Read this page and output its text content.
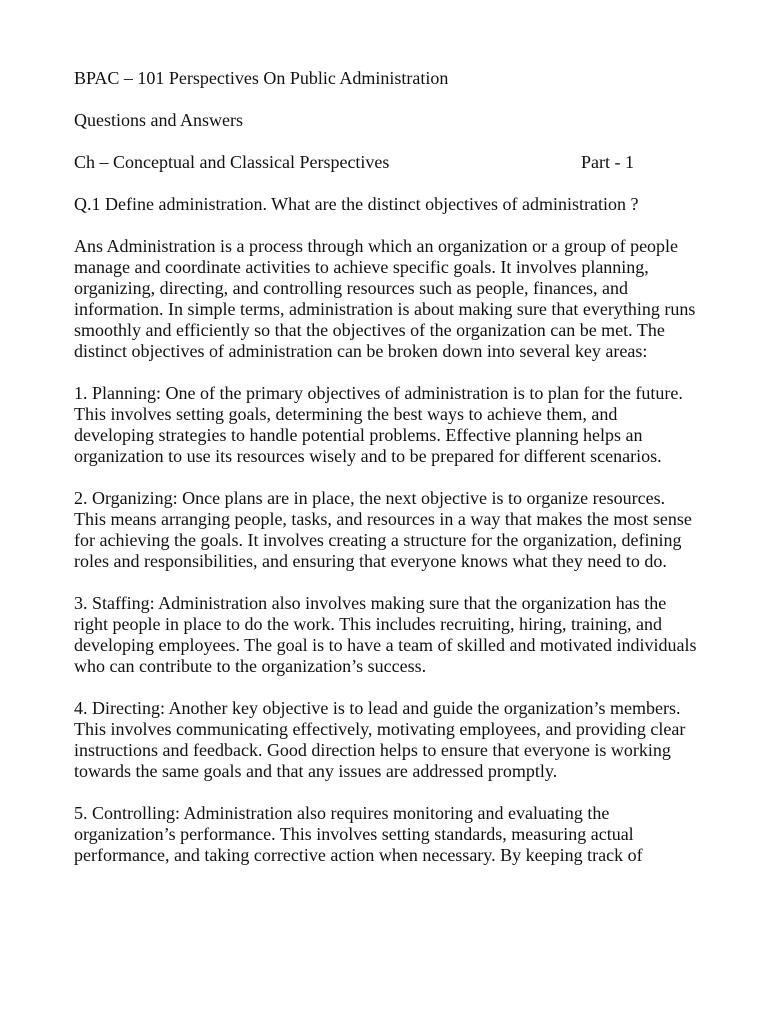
BPAC – 101 Perspectives On Public Administration

Questions and Answers

Ch – Conceptual and Classical Perspectives	Part - 1

Q.1 Define administration. What are the distinct objectives of administration ?

Ans Administration is a process through which an organization or a group of people manage and coordinate activities to achieve specific goals. It involves planning, organizing, directing, and controlling resources such as people, finances, and information. In simple terms, administration is about making sure that everything runs smoothly and efficiently so that the objectives of the organization can be met. The distinct objectives of administration can be broken down into several key areas:

1. Planning: One of the primary objectives of administration is to plan for the future. This involves setting goals, determining the best ways to achieve them, and developing strategies to handle potential problems. Effective planning helps an organization to use its resources wisely and to be prepared for different scenarios.

2. Organizing: Once plans are in place, the next objective is to organize resources. This means arranging people, tasks, and resources in a way that makes the most sense for achieving the goals. It involves creating a structure for the organization, defining roles and responsibilities, and ensuring that everyone knows what they need to do.

3. Staffing: Administration also involves making sure that the organization has the right people in place to do the work. This includes recruiting, hiring, training, and developing employees. The goal is to have a team of skilled and motivated individuals who can contribute to the organization’s success.

4. Directing: Another key objective is to lead and guide the organization’s members. This involves communicating effectively, motivating employees, and providing clear instructions and feedback. Good direction helps to ensure that everyone is working towards the same goals and that any issues are addressed promptly.

5. Controlling: Administration also requires monitoring and evaluating the organization’s performance. This involves setting standards, measuring actual performance, and taking corrective action when necessary. By keeping track of
